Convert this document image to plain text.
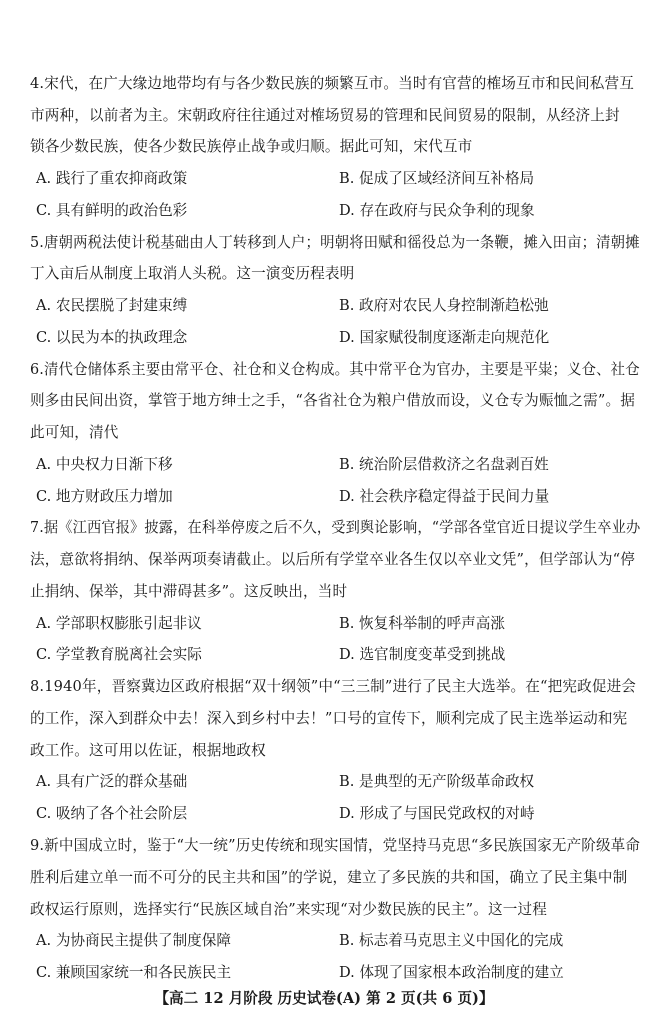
4.宋代，在广大缘边地带均有与各少数民族的频繁互市。当时有官营的榷场互市和民间私营互
市两种，以前者为主。宋朝政府往往通过对榷场贸易的管理和民间贸易的限制，从经济上封
锁各少数民族，使各少数民族停止战争或归顺。据此可知，宋代互市
A. 践行了重农抑商政策	B. 促成了区域经济间互补格局
C. 具有鲜明的政治色彩	D. 存在政府与民众争利的现象
5.唐朝两税法使计税基础由人丁转移到人户；明朝将田赋和徭役总为一条鞭，摊入田亩；清朝摊
丁入亩后从制度上取消人头税。这一演变历程表明
A. 农民摆脱了封建束缚	B. 政府对农民人身控制渐趋松弛
C. 以民为本的执政理念	D. 国家赋役制度逐渐走向规范化
6.清代仓储体系主要由常平仓、社仓和义仓构成。其中常平仓为官办，主要是平粜；义仓、社仓
则多由民间出资，掌管于地方绅士之手，“各省社仓为粮户借放而设，义仓专为赈恤之需”。据
此可知，清代
A. 中央权力日渐下移	B. 统治阶层借救济之名盘剥百姓
C. 地方财政压力增加	D. 社会秩序稳定得益于民间力量
7.据《江西官报》披露，在科举停废之后不久，受到舆论影响，“学部各堂官近日提议学生卒业办
法，意欲将捐纳、保举两项奏请截止。以后所有学堂卒业各生仅以卒业文凭”，但学部认为“停
止捐纳、保举，其中滞碍甚多”。这反映出，当时
A. 学部职权膨胀引起非议	B. 恢复科举制的呼声高涨
C. 学堂教育脱离社会实际	D. 选官制度变革受到挑战
8.1940年，晋察冀边区政府根据“双十纲领”中“三三制”进行了民主大选举。在“把宪政促进会
的工作，深入到群众中去！深入到乡村中去！”口号的宣传下，顺利完成了民主选举运动和宪
政工作。这可用以佐证，根据地政权
A. 具有广泛的群众基础	B. 是典型的无产阶级革命政权
C. 吸纳了各个社会阶层	D. 形成了与国民党政权的对峙
9.新中国成立时，鉴于“大一统”历史传统和现实国情，党坚持马克思“多民族国家无产阶级革命
胜利后建立单一而不可分的民主共和国”的学说，建立了多民族的共和国，确立了民主集中制
政权运行原则，选择实行“民族区域自治”来实现“对少数民族的民主”。这一过程
A. 为协商民主提供了制度保障	B. 标志着马克思主义中国化的完成
C. 兼顾国家统一和各民族民主	D. 体现了国家根本政治制度的建立
【高二 12 月阶段 历史试卷(A) 第 2 页(共 6 页)】
